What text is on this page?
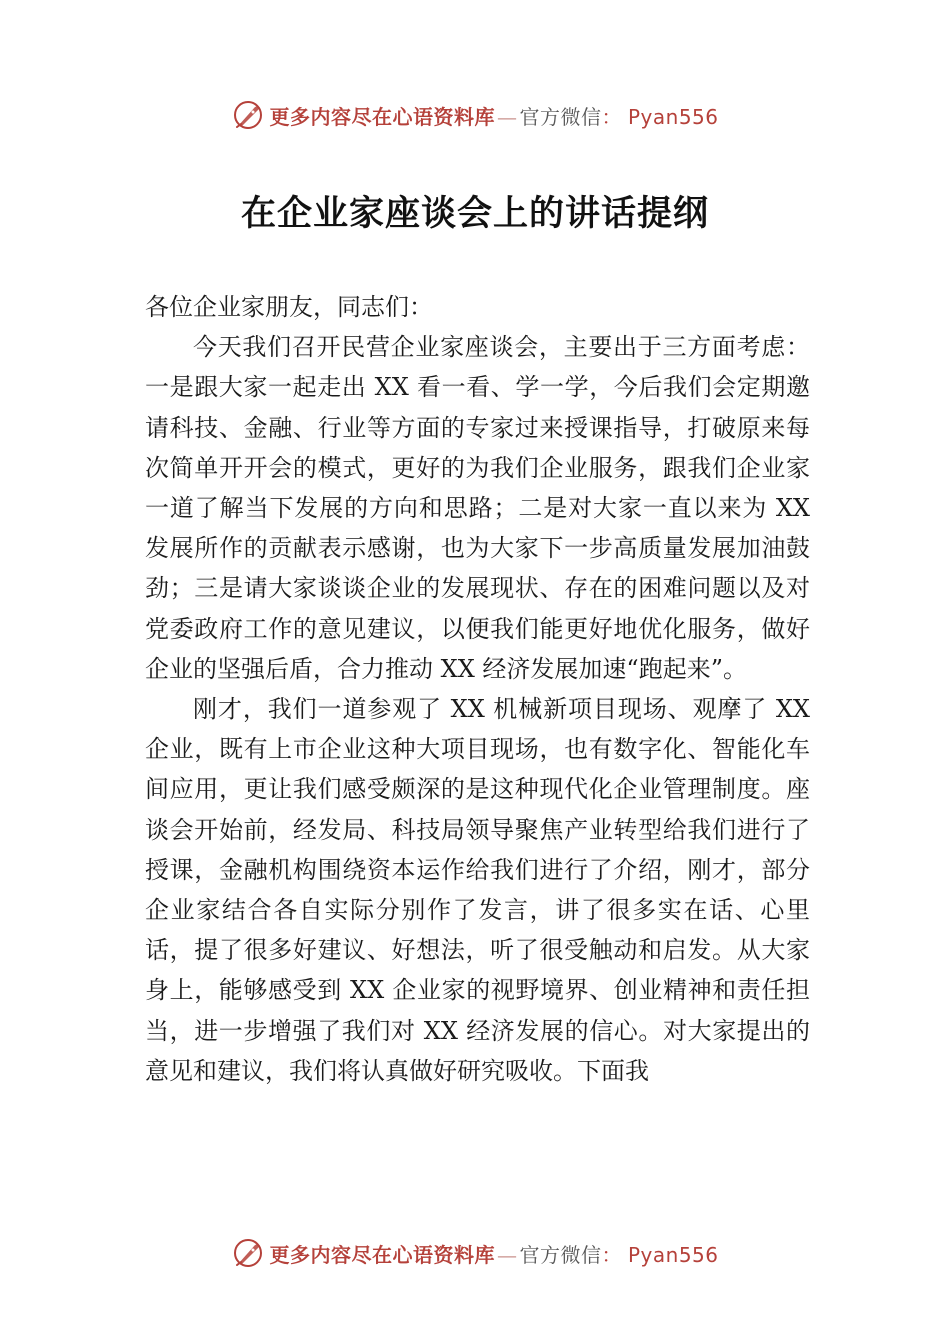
更多内容尽在心语资料库 — 官方微信 ： Pyan556
在企业家座谈会上的讲话提纲

各位企业家朋友，同志们：

今天我们召开民营企业家座谈会，主要出于三方面考虑：一是跟大家一起走出 XX 看一看、学一学，今后我们会定期邀请科技、金融、行业等方面的专家过来授课指导，打破原来每次简单开开会的模式，更好的为我们企业服务，跟我们企业家一道了解当下发展的方向和思路；二是对大家一直以来为 XX 发展所作的贡献表示感谢，也为大家下一步高质量发展加油鼓劲；三是请大家谈谈企业的发展现状、存在的困难问题以及对党委政府工作的意见建议，以便我们能更好地优化服务，做好企业的坚强后盾，合力推动 XX 经济发展加速“跑起来”。

刚才，我们一道参观了 XX 机械新项目现场、观摩了 XX 企业，既有上市企业这种大项目现场，也有数字化、智能化车间应用，更让我们感受颇深的是这种现代化企业管理制度。座谈会开始前，经发局、科技局领导聚焦产业转型给我们进行了授课，金融机构围绕资本运作给我们进行了介绍，刚才，部分企业家结合各自实际分别作了发言，讲了很多实在话、心里话，提了很多好建议、好想法，听了很受触动和启发。从大家身上，能够感受到 XX 企业家的视野境界、创业精神和责任担当，进一步增强了我们对 XX 经济发展的信心。对大家提出的意见和建议，我们将认真做好研究吸收。下面我

更多内容尽在心语资料库 — 官方微信 ： Pyan556
